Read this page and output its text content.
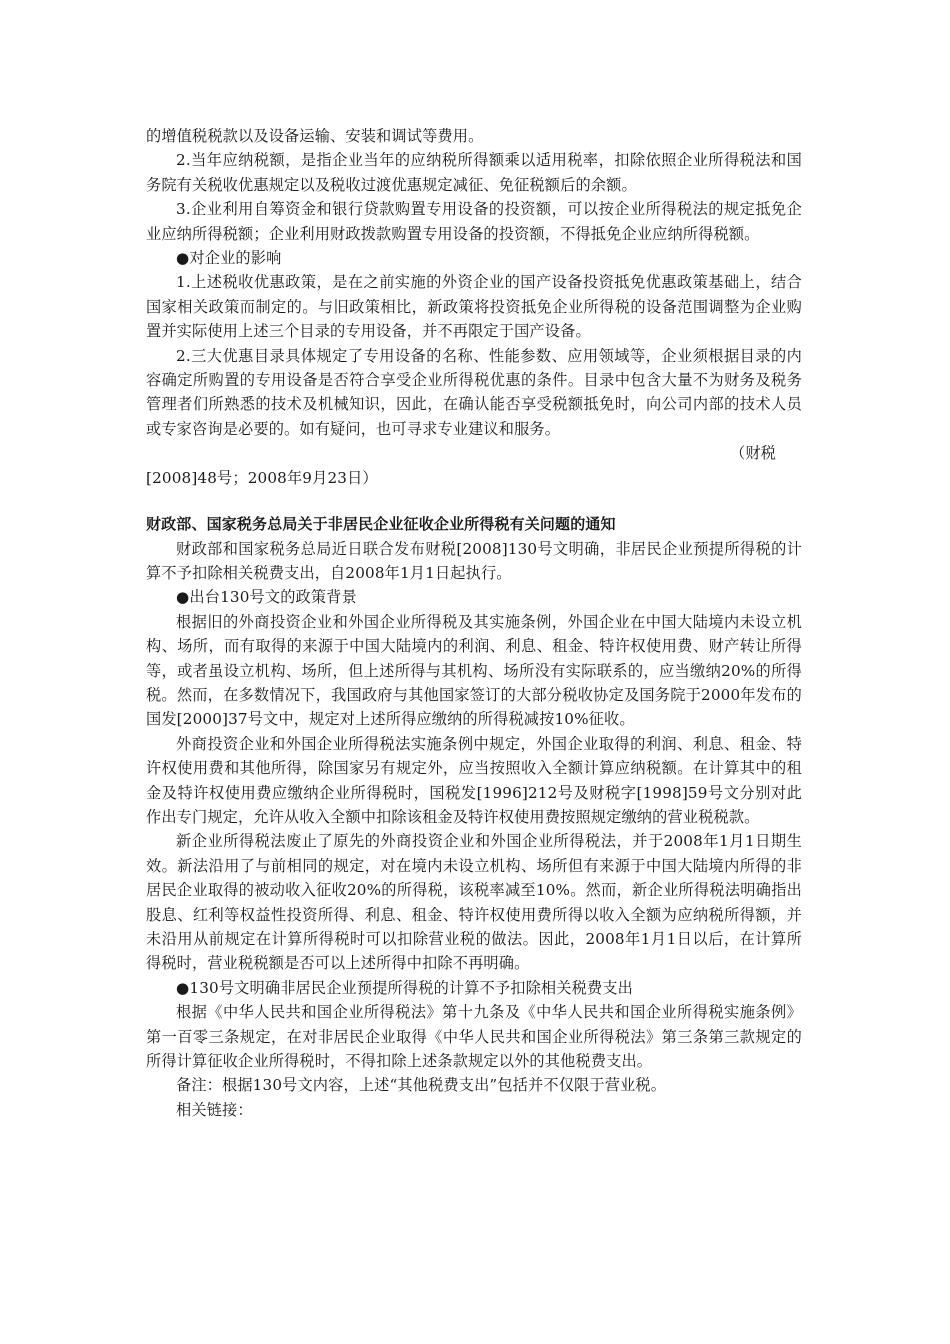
的增值税税款以及设备运输、安装和调试等费用。

2.当年应纳税额，是指企业当年的应纳税所得额乘以适用税率，扣除依照企业所得税法和国务院有关税收优惠规定以及税收过渡优惠规定减征、免征税额后的余额。

3.企业利用自筹资金和银行贷款购置专用设备的投资额，可以按企业所得税法的规定抵免企业应纳所得税额；企业利用财政拨款购置专用设备的投资额，不得抵免企业应纳所得税额。

●对企业的影响

1.上述税收优惠政策，是在之前实施的外资企业的国产设备投资抵免优惠政策基础上，结合国家相关政策而制定的。与旧政策相比，新政策将投资抵免企业所得税的设备范围调整为企业购置并实际使用上述三个目录的专用设备，并不再限定于国产设备。

2.三大优惠目录具体规定了专用设备的名称、性能参数、应用领域等，企业须根据目录的内容确定所购置的专用设备是否符合享受企业所得税优惠的条件。目录中包含大量不为财务及税务管理者们所熟悉的技术及机械知识，因此，在确认能否享受税额抵免时，向公司内部的技术人员或专家咨询是必要的。如有疑问，也可寻求专业建议和服务。

（财税

[2008]48号；2008年9月23日）

财政部、国家税务总局关于非居民企业征收企业所得税有关问题的通知

财政部和国家税务总局近日联合发布财税[2008]130号文明确，非居民企业预提所得税的计算不予扣除相关税费支出，自2008年1月1日起执行。

●出台130号文的政策背景

根据旧的外商投资企业和外国企业所得税及其实施条例，外国企业在中国大陆境内未设立机构、场所，而有取得的来源于中国大陆境内的利润、利息、租金、特许权使用费、财产转让所得等，或者虽设立机构、场所，但上述所得与其机构、场所没有实际联系的，应当缴纳20%的所得税。然而，在多数情况下，我国政府与其他国家签订的大部分税收协定及国务院于2000年发布的国发[2000]37号文中，规定对上述所得应缴纳的所得税减按10%征收。

外商投资企业和外国企业所得税法实施条例中规定，外国企业取得的利润、利息、租金、特许权使用费和其他所得，除国家另有规定外，应当按照收入全额计算应纳税额。在计算其中的租金及特许权使用费应缴纳企业所得税时，国税发[1996]212号及财税字[1998]59号文分别对此作出专门规定，允许从收入全额中扣除该租金及特许权使用费按照规定缴纳的营业税税款。

新企业所得税法废止了原先的外商投资企业和外国企业所得税法，并于2008年1月1日期生效。新法沿用了与前相同的规定，对在境内未设立机构、场所但有来源于中国大陆境内所得的非居民企业取得的被动收入征收20%的所得税，该税率减至10%。然而，新企业所得税法明确指出股息、红利等权益性投资所得、利息、租金、特许权使用费所得以收入全额为应纳税所得额，并未沿用从前规定在计算所得税时可以扣除营业税的做法。因此，2008年1月1日以后，在计算所得税时，营业税税额是否可以上述所得中扣除不再明确。

●130号文明确非居民企业预提所得税的计算不予扣除相关税费支出

根据《中华人民共和国企业所得税法》第十九条及《中华人民共和国企业所得税实施条例》第一百零三条规定，在对非居民企业取得《中华人民共和国企业所得税法》第三条第三款规定的所得计算征收企业所得税时，不得扣除上述条款规定以外的其他税费支出。

备注：根据130号文内容，上述“其他税费支出”包括并不仅限于营业税。

相关链接：
